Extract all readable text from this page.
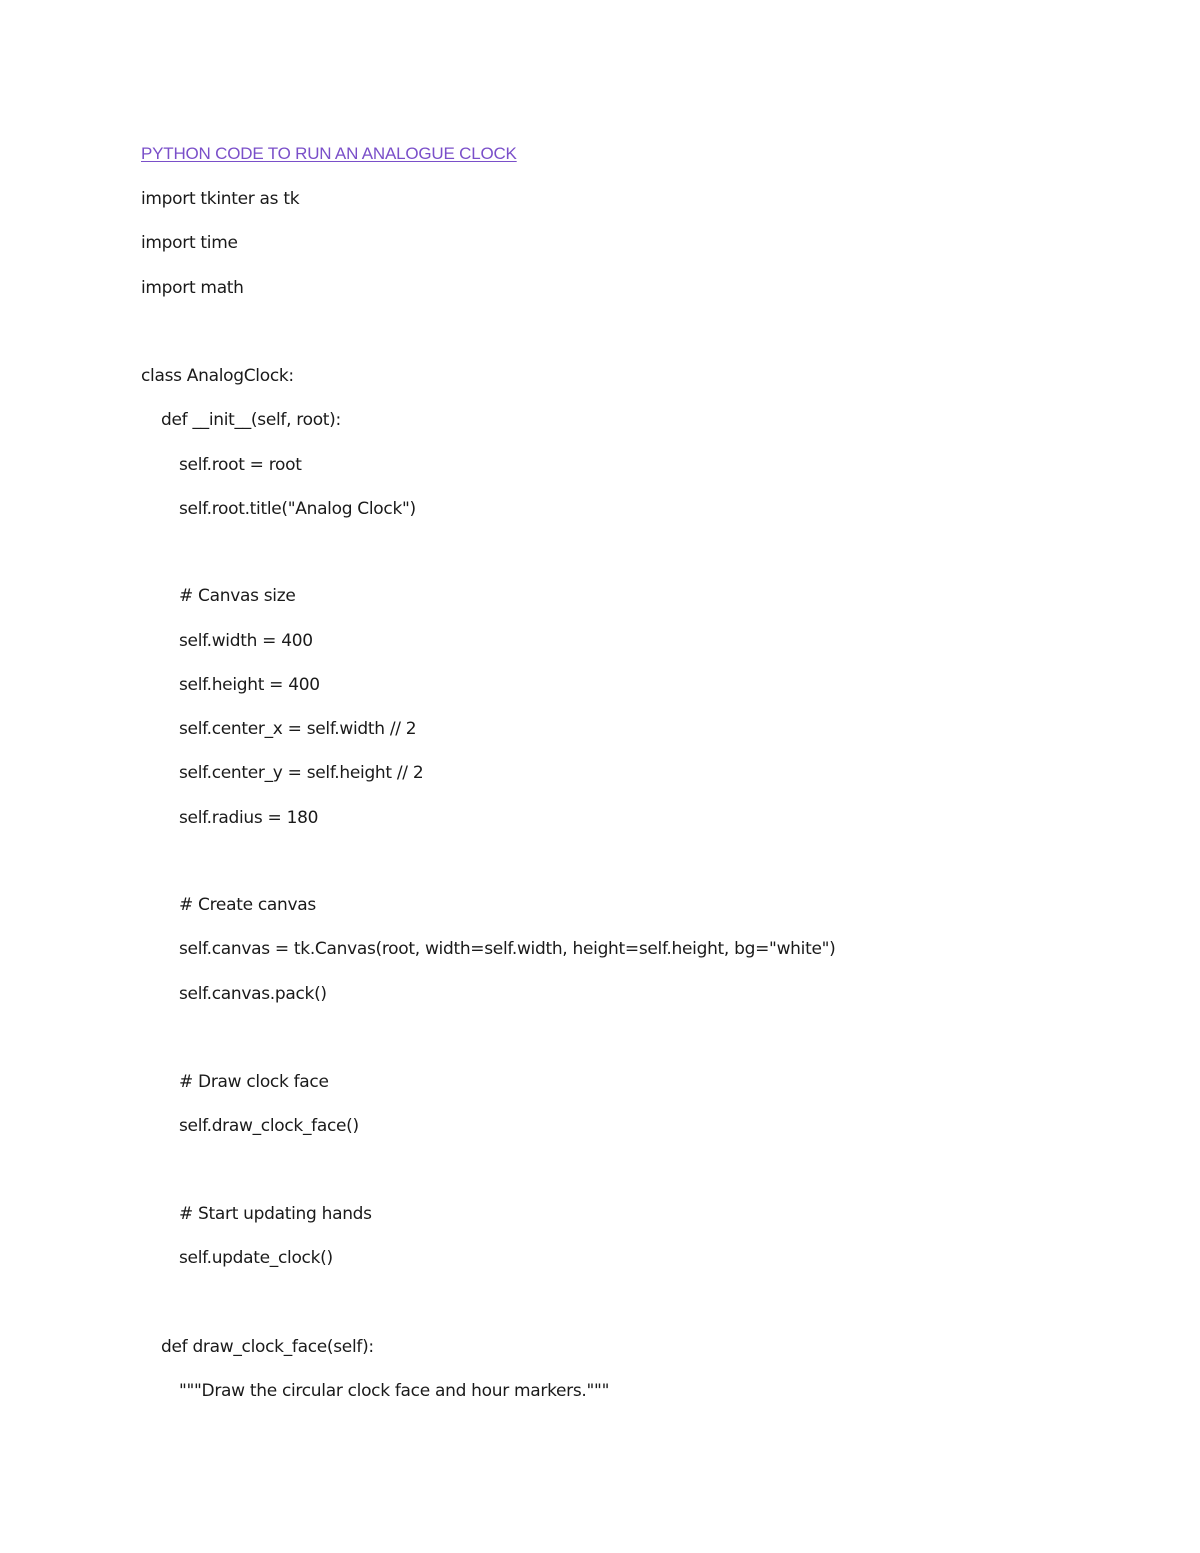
PYTHON CODE TO RUN AN ANALOGUE CLOCK
import tkinter as tk
import time
import math
class AnalogClock:
def __init__(self, root):
self.root = root
self.root.title("Analog Clock")
# Canvas size
self.width = 400
self.height = 400
self.center_x = self.width // 2
self.center_y = self.height // 2
self.radius = 180
# Create canvas
self.canvas = tk.Canvas(root, width=self.width, height=self.height, bg="white")
self.canvas.pack()
# Draw clock face
self.draw_clock_face()
# Start updating hands
self.update_clock()
def draw_clock_face(self):
"""Draw the circular clock face and hour markers."""
